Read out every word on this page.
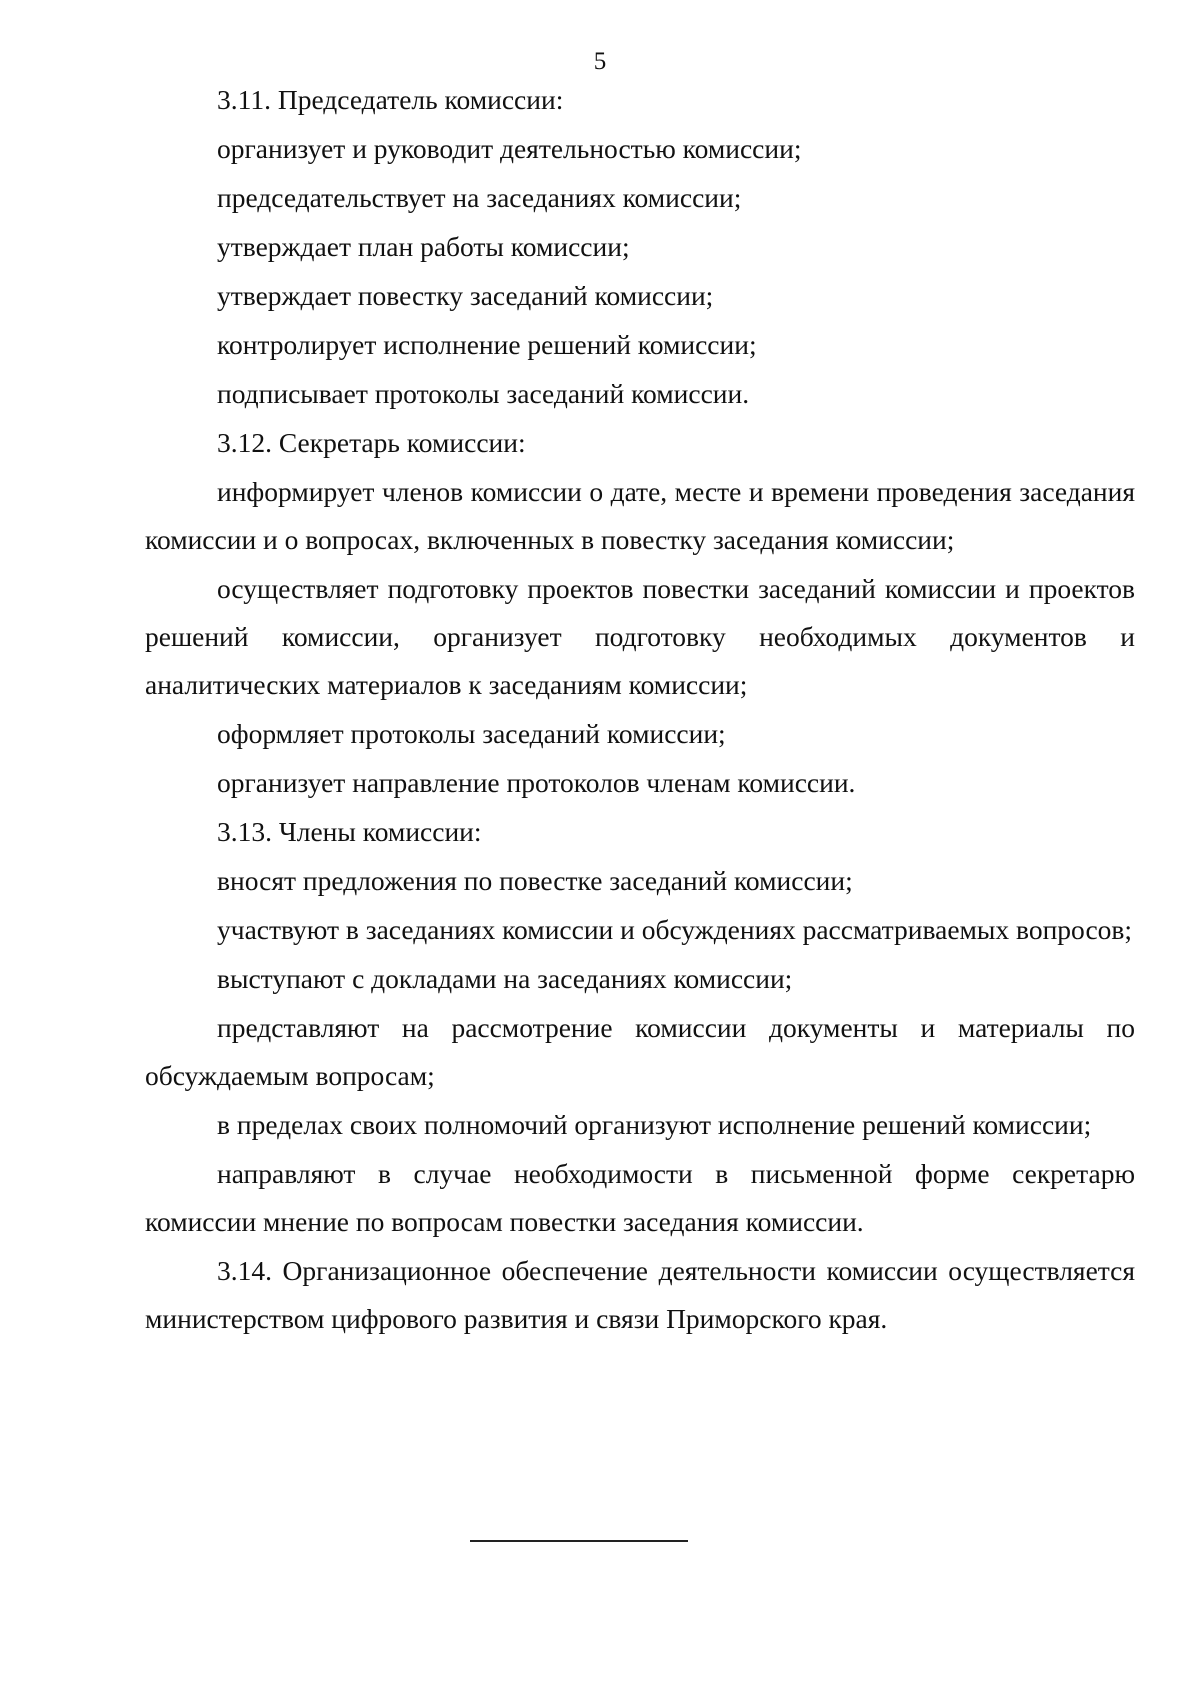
5

3.11. Председатель комиссии:

организует и руководит деятельностью комиссии;

председательствует на заседаниях комиссии;

утверждает план работы комиссии;

утверждает повестку заседаний комиссии;

контролирует исполнение решений комиссии;

подписывает протоколы заседаний комиссии.

3.12. Секретарь комиссии:

информирует членов комиссии о дате, месте и времени проведения заседания комиссии и о вопросах, включенных в повестку заседания комиссии;

осуществляет подготовку проектов повестки заседаний комиссии и проектов решений комиссии, организует подготовку необходимых документов и аналитических материалов к заседаниям комиссии;

оформляет протоколы заседаний комиссии;

организует направление протоколов членам комиссии.

3.13. Члены комиссии:

вносят предложения по повестке заседаний комиссии;

участвуют в заседаниях комиссии и обсуждениях рассматриваемых вопросов;

выступают с докладами на заседаниях комиссии;

представляют на рассмотрение комиссии документы и материалы по обсуждаемым вопросам;

в пределах своих полномочий организуют исполнение решений комиссии;

направляют в случае необходимости в письменной форме секретарю комиссии мнение по вопросам повестки заседания комиссии.

3.14. Организационное обеспечение деятельности комиссии осуществляется министерством цифрового развития и связи Приморского края.
